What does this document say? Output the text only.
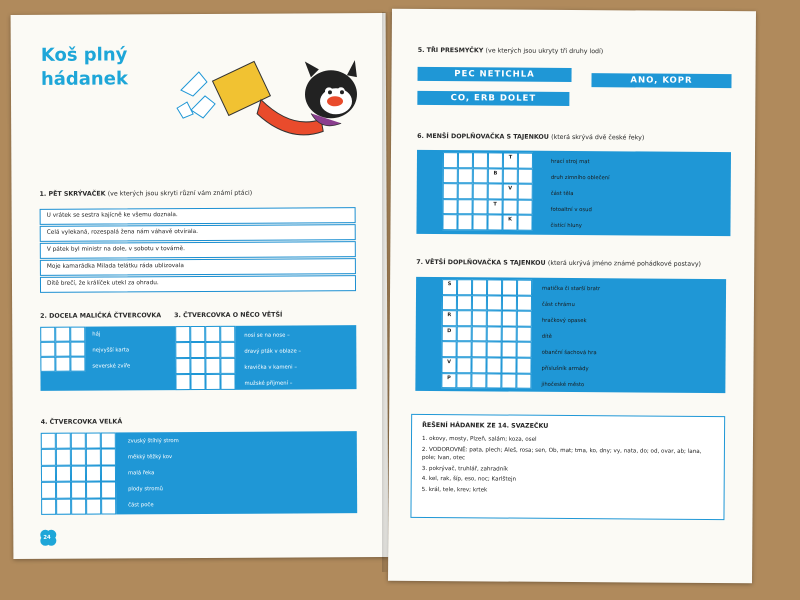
Koš plný
hádanek
1. PĚT SKRÝVAČEK (ve kterých jsou skryti různí vám známí ptáci)
U vrátek se sestra kajícně ke všemu doznala.
Celá vylekaná, rozespalá žena nám váhavě otvírala.
V pátek byl ministr na dole, v sobotu v továrně.
Moje kamarádka Milada telátku ráda ublizovala
Dítě brečí, že králíček utekl za ohradu.
2. DOCELA MALIČKÁ ČTVERCOVKA 3. ČTVERCOVKA O NĚCO VĚTŠÍ
háj
nejvyšší karta
severské zvíře
nosí se na nose –
dravý pták v oblaze –
kravička v kameni –
mužské příjmení –
4. ČTVERCOVKA VELKÁ
zvuský štíhlý strom
měkký těžký kov
malá řeka
plody stromů
část poče
24
5. TŘI PRESMYČKY (ve kterých jsou ukryty tři druhy lodí)
PEC NETICHLA
ANO, KOPR
CO, ERB DOLET
6. MENŠÍ DOPLŇOVAČKA S TAJENKOU (která skrývá dvě české řeky)
T
B
V
T
K
hrací stroj mat
druh zimního oblečení
část těla
fotoaltní v osud
čistící hluny
7. VĚTŠÍ DOPLŇOVAČKA S TAJENKOU (která ukrývá jméno známé pohádkové postavy)
S
R
D
V
P
matička či starší bratr
část chrámu
hračkový opasek
dítě
obanční šachová hra
příslušník armády
jihočeské město
ŘEŠENÍ HÁDANEK ZE 14. SVAZEČKU
1. okovy, mosty, Plzeň, salám; koza, osel
2. VODOROVNĚ: pata, plech; Aleš, rosa; sen, Ob, mat; tma, ko, dny; vy, nata, do; od, ovar, ab; lana, pole; Ivan, otec
3. pokrývač, truhlář, zahradník
4. kel, rak, šíp, eso, noc; Karlštejn
5. král, tele, krev; krtek
